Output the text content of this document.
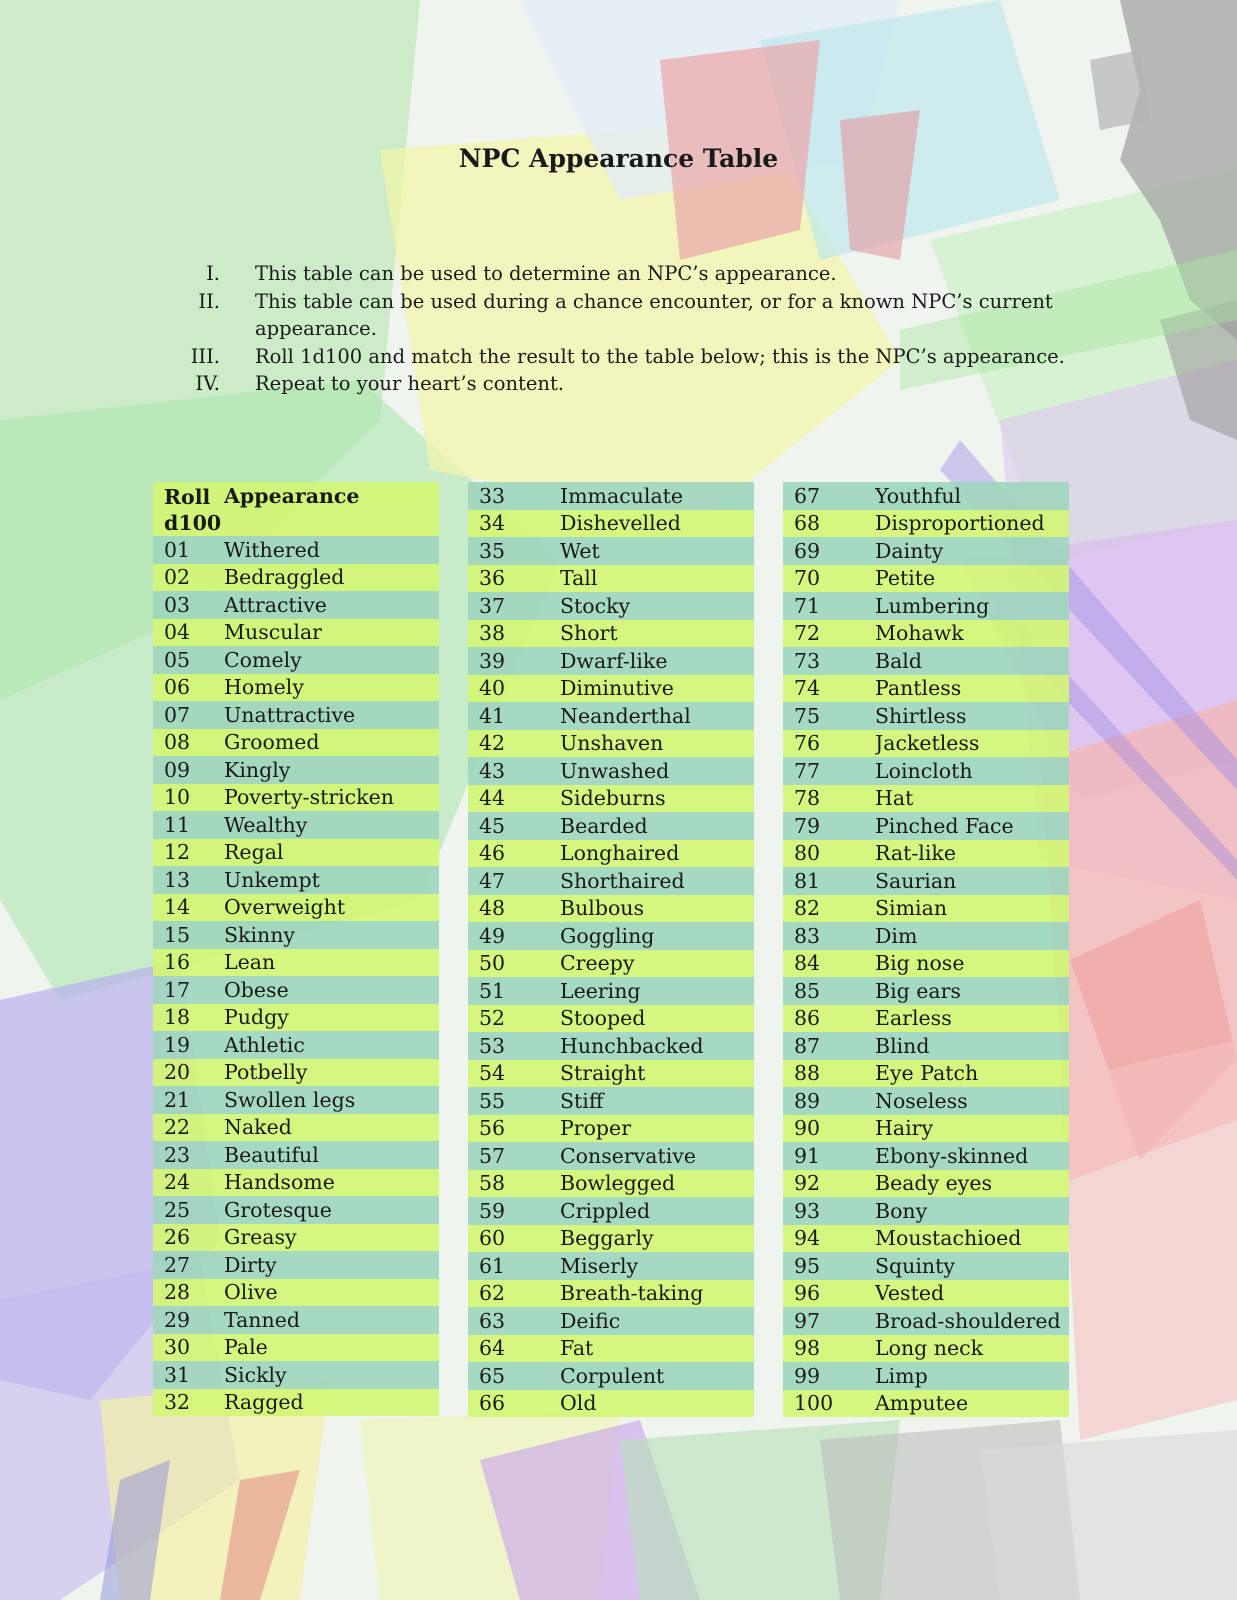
NPC Appearance Table
I. This table can be used to determine an NPC’s appearance.
II. This table can be used during a chance encounter, or for a known NPC’s current appearance.
III. Roll 1d100 and match the result to the table below; this is the NPC’s appearance.
IV. Repeat to your heart’s content.
Roll d100	Appearance
01	Withered
02	Bedraggled
03	Attractive
04	Muscular
05	Comely
06	Homely
07	Unattractive
08	Groomed
09	Kingly
10	Poverty-stricken
11	Wealthy
12	Regal
13	Unkempt
14	Overweight
15	Skinny
16	Lean
17	Obese
18	Pudgy
19	Athletic
20	Potbelly
21	Swollen legs
22	Naked
23	Beautiful
24	Handsome
25	Grotesque
26	Greasy
27	Dirty
28	Olive
29	Tanned
30	Pale
31	Sickly
32	Ragged
33	Immaculate
34	Dishevelled
35	Wet
36	Tall
37	Stocky
38	Short
39	Dwarf-like
40	Diminutive
41	Neanderthal
42	Unshaven
43	Unwashed
44	Sideburns
45	Bearded
46	Longhaired
47	Shorthaired
48	Bulbous
49	Goggling
50	Creepy
51	Leering
52	Stooped
53	Hunchbacked
54	Straight
55	Stiff
56	Proper
57	Conservative
58	Bowlegged
59	Crippled
60	Beggarly
61	Miserly
62	Breath-taking
63	Deific
64	Fat
65	Corpulent
66	Old
67	Youthful
68	Disproportioned
69	Dainty
70	Petite
71	Lumbering
72	Mohawk
73	Bald
74	Pantless
75	Shirtless
76	Jacketless
77	Loincloth
78	Hat
79	Pinched Face
80	Rat-like
81	Saurian
82	Simian
83	Dim
84	Big nose
85	Big ears
86	Earless
87	Blind
88	Eye Patch
89	Noseless
90	Hairy
91	Ebony-skinned
92	Beady eyes
93	Bony
94	Moustachioed
95	Squinty
96	Vested
97	Broad-shouldered
98	Long neck
99	Limp
100	Amputee
